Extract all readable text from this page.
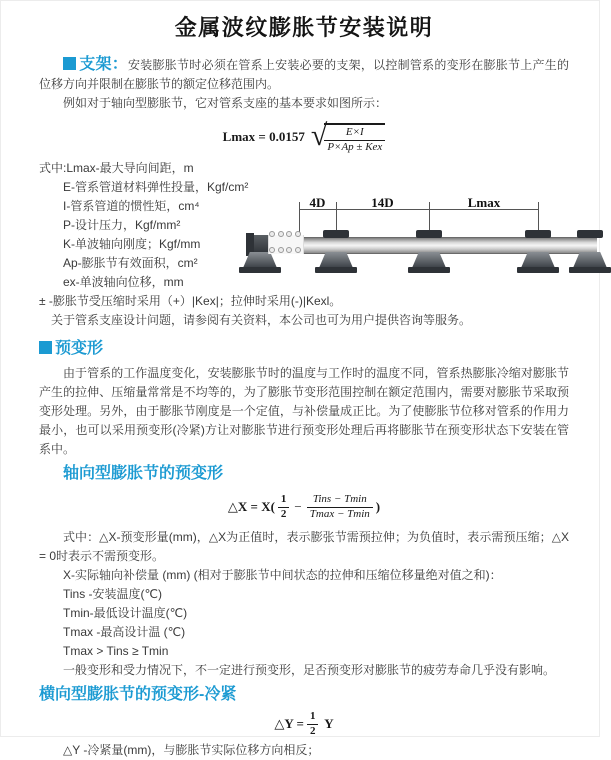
金属波纹膨胀节安装说明

支架：安装膨胀节时必须在管系上安装必要的支架，以控制管系的变形在膨胀节上产生的位移方向并限制在膨胀节的额定位移范围内。

例如对于轴向型膨胀节，它对管系支座的基本要求如图所示：

Lmax = 0.0157 √
$\frac{E\times I}{\text{P×Ap ± Kex}}$
式中:Lmax-最大导向间距，m
E-管系管道材料弹性投量，Kgf/cm²
I-管系管道的惯性矩，cm⁴
P-设计压力，Kgf/mm²
K-单波轴向刚度；Kgf/mm
Ap-膨胀节有效面积，cm²
ex-单波轴向位移，mm
± -膨胀节受压缩时采用（+）|Kex|；拉伸时采用(-)|Kexl。
关于管系支座设计问题，请参阅有关资料，本公司也可为用户提供咨询等服务。
4D	14D	Lmax
预变形

由于管系的工作温度变化，安装膨胀节时的温度与工作时的温度不同，管系热膨胀冷缩对膨胀节产生的拉伸、压缩量常常是不均等的，为了膨胀节变形范围控制在额定范围内，需要对膨胀节采取预变形处理。另外，由于膨胀节刚度是一个定值，与补偿量成正比。为了使膨胀节位移对管系的作用力最小，也可以采用预变形(冷紧)方让对膨胀节进行预变形处理后再将膨胀节在预变形状态下安装在管系中。

轴向型膨胀节的预变形
△X = $X( \frac{1}{2} - \frac{\text{Tins − Tmin}}{Tmax - Tmin}$ )

式中：△X-预变形量(mm)，△X为正值时，表示膨张节需预拉伸；为负值时，表示需预压缩；△X = 0时表示不需预变形。

X-实际轴向补偿量 (mm) (相对于膨胀节中间状态的拉伸和压缩位移量绝对值之和)：

Tins -安装温度(℃)

Tmin-最低设计温度(℃)

Tmax -最高设计温 (℃)

Tmax > Tins ≥ Tmin

一般变形和受力情况下，不一定进行预变形，足否预变形对膨胀节的疲劳寿命几乎没有影响。

横向型膨胀节的预变形-冷紧
△Y = $\frac{1}{2}$ Y

△Y -冷紧量(mm)，与膨胀节实际位移方向相反；
